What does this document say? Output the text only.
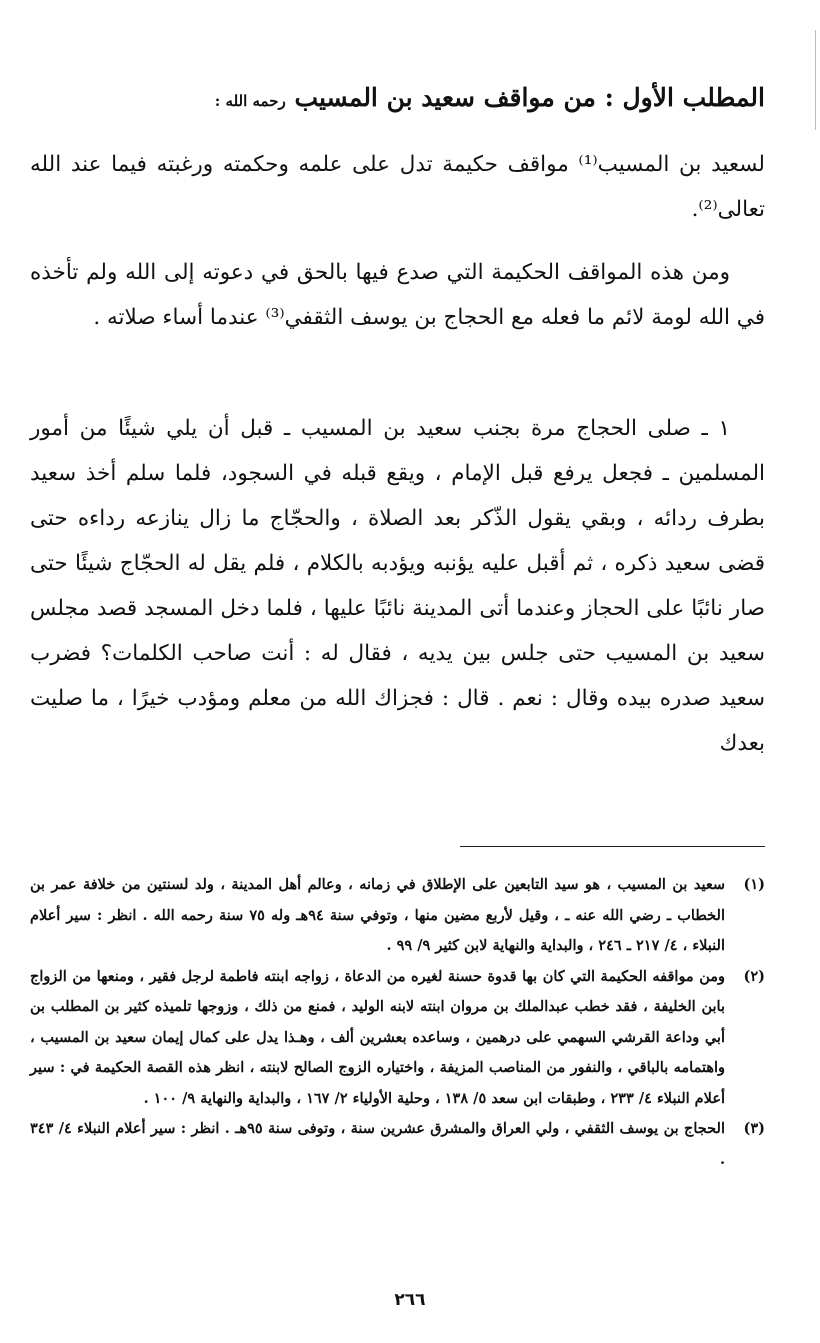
المطلب الأول : من مواقف سعيد بن المسيب رحمه الله :
لسعيد بن المسيب⁽¹⁾ مواقف حكيمة تدل على علمه وحكمته ورغبته فيما عند الله تعالى⁽²⁾.
ومن هذه المواقف الحكيمة التي صدع فيها بالحق في دعوته إلى الله ولم تأخذه في الله لومة لائم ما فعله مع الحجاج بن يوسف الثقفي⁽³⁾ عندما أساء صلاته .
١ ـ صلى الحجاج مرة بجنب سعيد بن المسيب ـ قبل أن يلي شيئًا من أمور المسلمين ـ فجعل يرفع قبل الإمام ، ويقع قبله في السجود، فلما سلم أخذ سعيد بطرف ردائه ، وبقي يقول الذّكر بعد الصلاة ، والحجّاج ما زال ينازعه رداءه حتى قضى سعيد ذكره ، ثم أقبل عليه يؤنبه ويؤدبه بالكلام ، فلم يقل له الحجّاج شيئًا حتى صار نائبًا على الحجاز وعندما أتى المدينة نائبًا عليها ، فلما دخل المسجد قصد مجلس سعيد بن المسيب حتى جلس بين يديه ، فقال له : أنت صاحب الكلمات؟ فضرب سعيد صدره بيده وقال : نعم . قال : فجزاك الله من معلم ومؤدب خيرًا ، ما صليت بعدك
(١)
سعيد بن المسيب ، هو سيد التابعين على الإطلاق في زمانه ، وعالم أهل المدينة ، ولد لسنتين من خلافة عمر بن الخطاب ـ رضي الله عنه ـ ، وقيل لأربع مضين منها ، وتوفي سنة ٩٤هـ وله ٧٥ سنة رحمه الله . انظر : سير أعلام النبلاء ، ٤/ ٢١٧ ـ ٢٤٦ ، والبداية والنهاية لابن كثير ٩/ ٩٩ .
(٢)
ومن مواقفه الحكيمة التي كان بها قدوة حسنة لغيره من الدعاة ، زواجه ابنته فاطمة لرجل فقير ، ومنعها من الزواج بابن الخليفة ، فقد خطب عبدالملك بن مروان ابنته لابنه الوليد ، فمنع من ذلك ، وزوجها تلميذه كثير بن المطلب بن أبي وداعة القرشي السهمي على درهمين ، وساعده بعشرين ألف ، وهـذا يدل على كمال إيمان سعيد بن المسيب ، واهتمامه بالباقي ، والنفور من المناصب المزيفة ، واختياره الزوج الصالح لابنته ، انظر هذه القصة الحكيمة في : سير أعلام النبلاء ٤/ ٢٣٣ ، وطبقات ابن سعد ٥/ ١٣٨ ، وحلية الأولياء ٢/ ١٦٧ ، والبداية والنهاية ٩/ ١٠٠ .
(٣)
الحجاج بن يوسف الثقفي ، ولي العراق والمشرق عشرين سنة ، وتوفى سنة ٩٥هـ . انظر : سير أعلام النبلاء ٤/ ٣٤٣ .
٢٦٦
